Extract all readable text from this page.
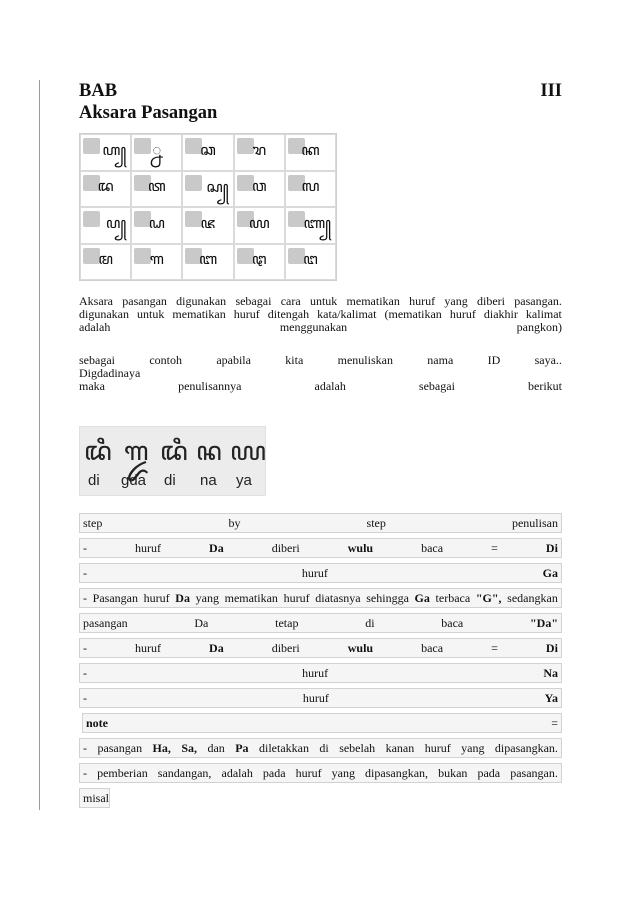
BAB	III
Aksara Pasangan
ꦲ꧀	꧀ꦤ	ꦕ	ꦫ	ꦏ
ꦢ	ꦠ	ꦱ꧀	ꦮ	ꦭ
ꦥ꧀	ꦝ	ꦗ	ꦪ	ꦚ꧀
ꦩ	ꦒ	ꦧ	ꦛ	ꦔ
Aksara pasangan digunakan sebagai cara untuk mematikan huruf yang diberi pasangan.
digunakan untuk mematikan huruf ditengah kata/kalimat (mematikan huruf diakhir kalimat
adalah	menggunakan	pangkon)
sebagai	contoh	apabila	kita	menuliskan	nama	ID	saya..
Digdadinaya
maka	penulisannya	adalah	sebagai	berikut
ꦢꦶ ꦒ꧀ꦢ ꦢꦶ ꦤ ꦪ
di gda di na ya
step	by	step	penulisan
-	huruf	Da	diberi	wulu	baca	=	Di
-	huruf	Ga
- Pasangan huruf Da yang mematikan huruf diatasnya sehingga Ga terbaca "G", sedangkan
pasangan	Da	tetap	di	baca	"Da"
-	huruf	Da	diberi	wulu	baca	=	Di
-	huruf	Na
-	huruf	Ya
note	=
- pasangan Ha, Sa, dan Pa diletakkan di sebelah kanan huruf yang dipasangkan.
- pemberian sandangan, adalah pada huruf yang dipasangkan, bukan pada pasangan.
misal
